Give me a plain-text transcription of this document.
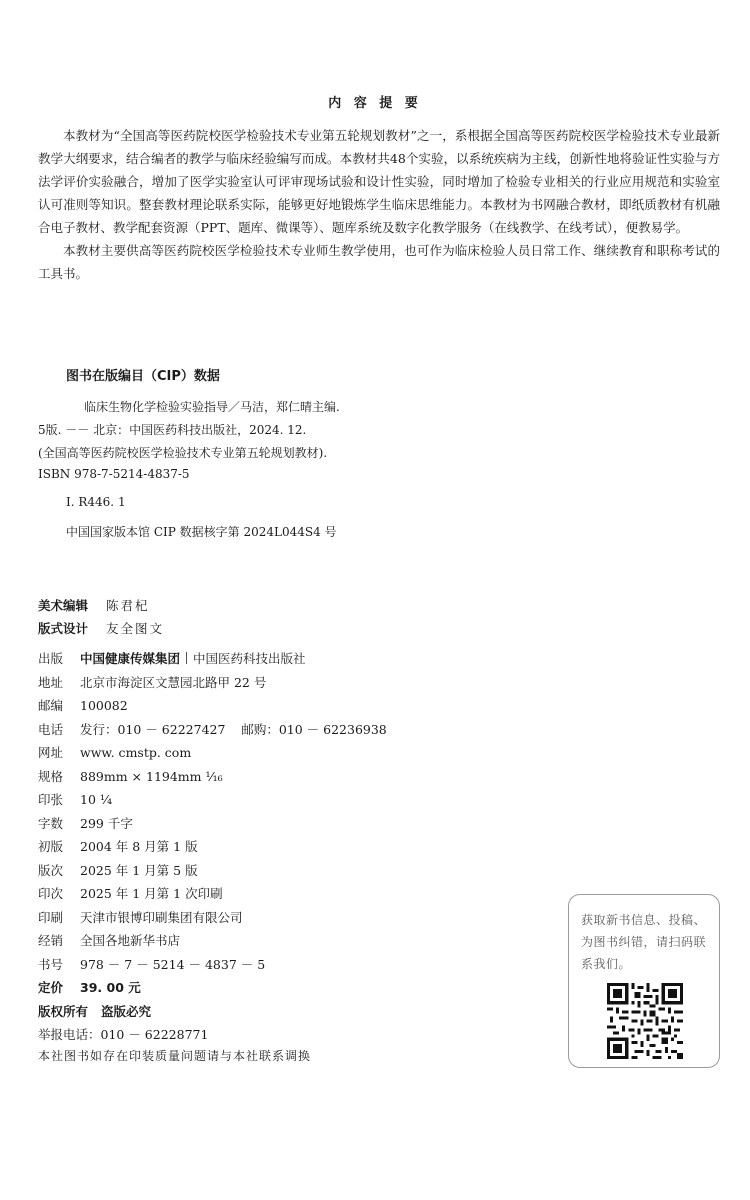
内 容 提 要

本教材为“全国高等医药院校医学检验技术专业第五轮规划教材”之一，系根据全国高等医药院校医学检验技术专业最新教学大纲要求，结合编者的教学与临床经验编写而成。本教材共48个实验，以系统疾病为主线，创新性地将验证性实验与方法学评价实验融合，增加了医学实验室认可评审现场试验和设计性实验，同时增加了检验专业相关的行业应用规范和实验室认可准则等知识。整套教材理论联系实际，能够更好地锻炼学生临床思维能力。本教材为书网融合教材，即纸质教材有机融合电子教材、教学配套资源（PPT、题库、微课等）、题库系统及数字化教学服务（在线教学、在线考试），便教易学。

本教材主要供高等医药院校医学检验技术专业师生教学使用，也可作为临床检验人员日常工作、继续教育和职称考试的工具书。

图书在版编目（CIP）数据
临床生物化学检验实验指导／马洁，郑仁晴主编.
5版. －－ 北京：中国医药科技出版社，2024. 12.
(全国高等医药院校医学检验技术专业第五轮规划教材).
ISBN 978-7-5214-4837-5
Ⅰ. R446. 1
中国国家版本馆 CIP 数据核字第 2024L044S4 号
美术编辑 陈君杞
版式设计 友全图文
出版 中国健康传媒集团 中国医药科技出版社
地址 北京市海淀区文慧园北路甲 22 号
邮编 100082
电话 发行：010 － 62227427    邮购：010 － 62236938
网址 www. cmstp. com
规格 889mm × 1194mm ¹⁄₁₆
印张 10 ¹⁄₄
字数 299 千字
初版 2004 年 8 月第 1 版
版次 2025 年 1 月第 5 版
印次 2025 年 1 月第 1 次印刷
印刷 天津市银博印刷集团有限公司
经销 全国各地新华书店
书号 978 － 7 － 5214 － 4837 － 5
定价 39. 00 元
版权所有   盗版必究
举报电话：010 － 62228771
本社图书如存在印装质量问题请与本社联系调换
获取新书信息、投稿、为图书纠错，请扫码联系我们。
